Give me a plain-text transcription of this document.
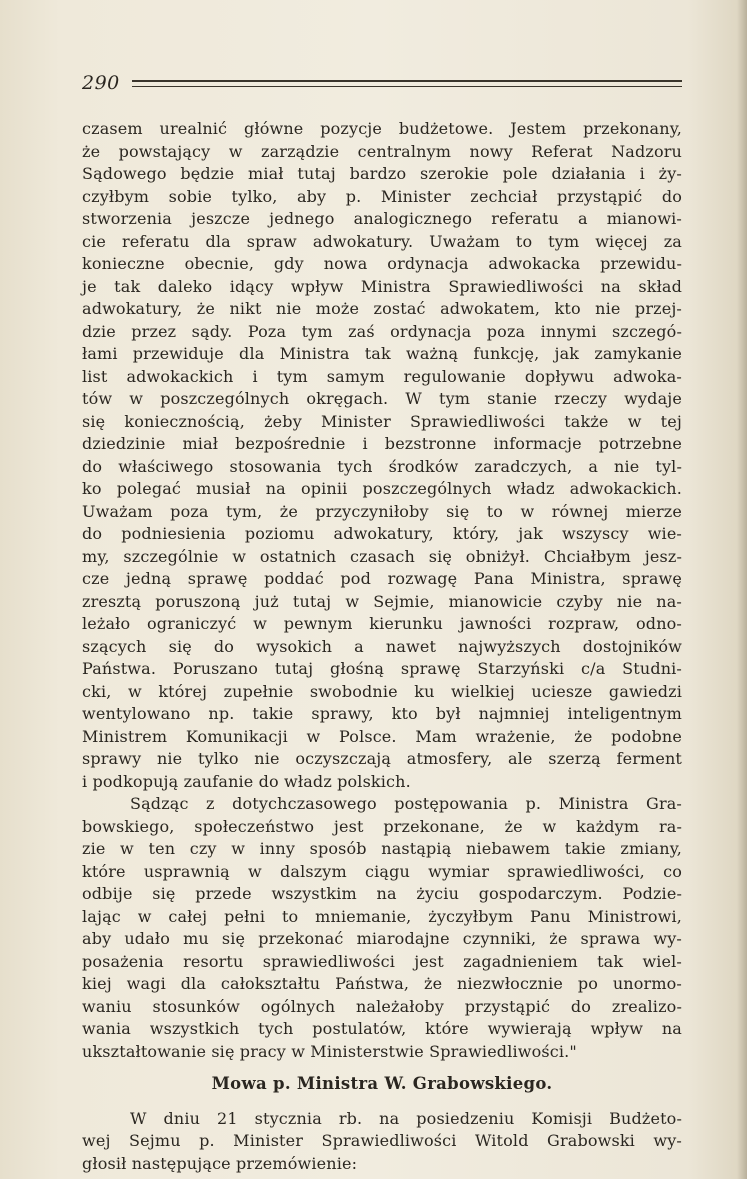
290
czasem urealnić główne pozycje budżetowe. Jestem przekonany,
że powstający w zarządzie centralnym nowy Referat Nadzoru
Sądowego będzie miał tutaj bardzo szerokie pole działania i ży-
czyłbym sobie tylko, aby p. Minister zechciał przystąpić do
stworzenia jeszcze jednego analogicznego referatu a mianowi-
cie referatu dla spraw adwokatury. Uważam to tym więcej za
konieczne obecnie, gdy nowa ordynacja adwokacka przewidu-
je tak daleko idący wpływ Ministra Sprawiedliwości na skład
adwokatury, że nikt nie może zostać adwokatem, kto nie przej-
dzie przez sądy. Poza tym zaś ordynacja poza innymi szczegó-
łami przewiduje dla Ministra tak ważną funkcję, jak zamykanie
list adwokackich i tym samym regulowanie dopływu adwoka-
tów w poszczególnych okręgach. W tym stanie rzeczy wydaje
się koniecznością, żeby Minister Sprawiedliwości także w tej
dziedzinie miał bezpośrednie i bezstronne informacje potrzebne
do właściwego stosowania tych środków zaradczych, a nie tyl-
ko polegać musiał na opinii poszczególnych władz adwokackich.
Uważam poza tym, że przyczyniłoby się to w równej mierze
do podniesienia poziomu adwokatury, który, jak wszyscy wie-
my, szczególnie w ostatnich czasach się obniżył. Chciałbym jesz-
cze jedną sprawę poddać pod rozwagę Pana Ministra, sprawę
zresztą poruszoną już tutaj w Sejmie, mianowicie czyby nie na-
leżało ograniczyć w pewnym kierunku jawności rozpraw, odno-
szących się do wysokich a nawet najwyższych dostojników
Państwa. Poruszano tutaj głośną sprawę Starzyński c/a Studni-
cki, w której zupełnie swobodnie ku wielkiej uciesze gawiedzi
wentylowano np. takie sprawy, kto był najmniej inteligentnym
Ministrem Komunikacji w Polsce. Mam wrażenie, że podobne
sprawy nie tylko nie oczyszczają atmosfery, ale szerzą ferment
i podkopują zaufanie do władz polskich.
Sądząc z dotychczasowego postępowania p. Ministra Gra-
bowskiego, społeczeństwo jest przekonane, że w każdym ra-
zie w ten czy w inny sposób nastąpią niebawem takie zmiany,
które usprawnią w dalszym ciągu wymiar sprawiedliwości, co
odbije się przede wszystkim na życiu gospodarczym. Podzie-
lając w całej pełni to mniemanie, życzyłbym Panu Ministrowi,
aby udało mu się przekonać miarodajne czynniki, że sprawa wy-
posażenia resortu sprawiedliwości jest zagadnieniem tak wiel-
kiej wagi dla całokształtu Państwa, że niezwłocznie po unormo-
waniu stosunków ogólnych należałoby przystąpić do zrealizo-
wania wszystkich tych postulatów, które wywierają wpływ na
ukształtowanie się pracy w Ministerstwie Sprawiedliwości."
Mowa p. Ministra W. Grabowskiego.
W dniu 21 stycznia rb. na posiedzeniu Komisji Budżeto-
wej Sejmu p. Minister Sprawiedliwości Witold Grabowski wy-
głosił następujące przemówienie:
